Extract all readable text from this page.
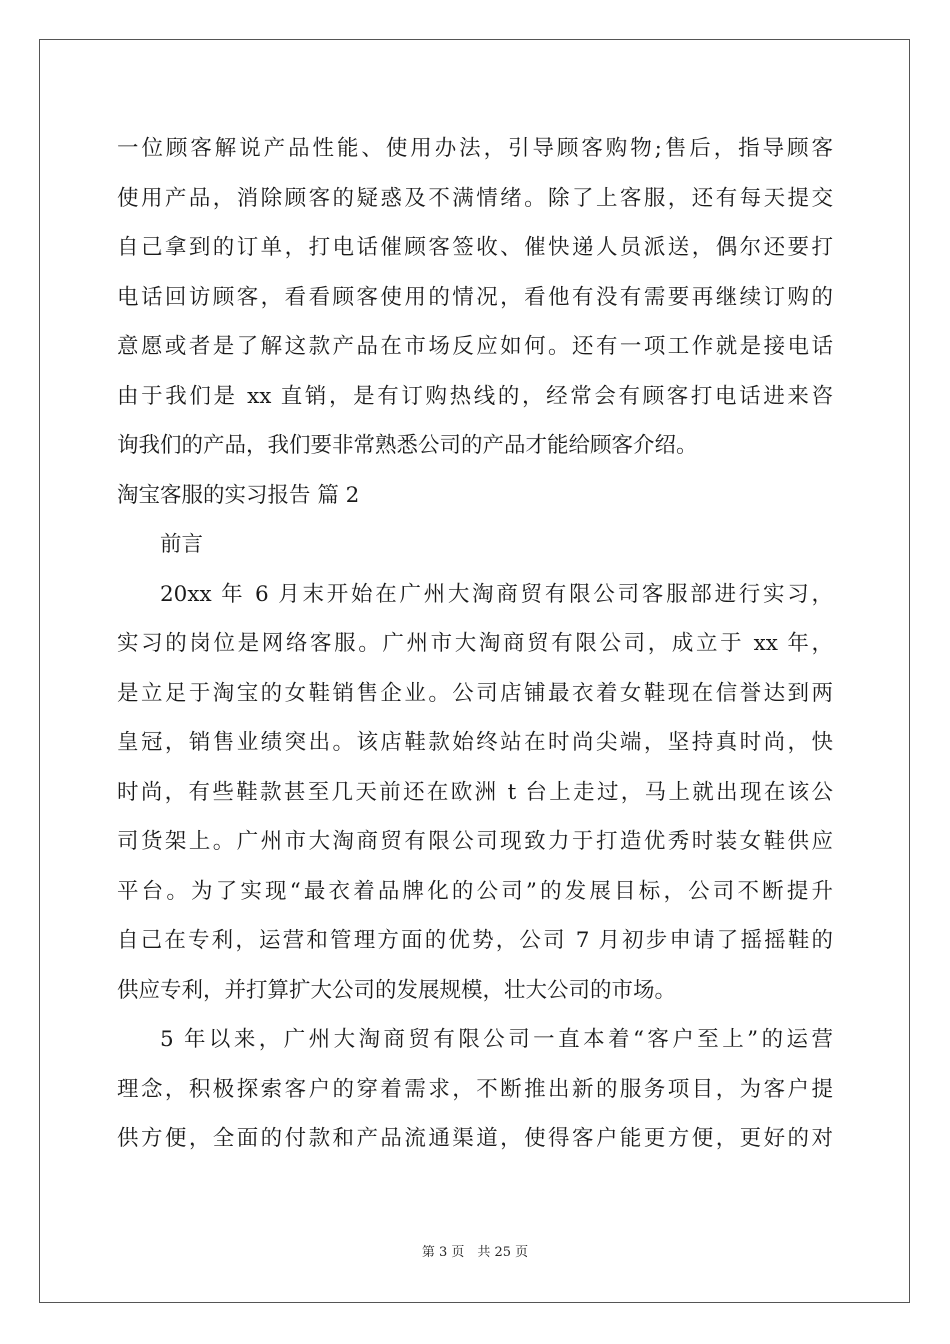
一位顾客解说产品性能、使用办法，引导顾客购物;售后，指导顾客
使用产品，消除顾客的疑惑及不满情绪。除了上客服，还有每天提交
自己拿到的订单，打电话催顾客签收、催快递人员派送，偶尔还要打
电话回访顾客，看看顾客使用的情况，看他有没有需要再继续订购的
意愿或者是了解这款产品在市场反应如何。还有一项工作就是接电话
由于我们是 xx 直销，是有订购热线的，经常会有顾客打电话进来咨
询我们的产品，我们要非常熟悉公司的产品才能给顾客介绍。
淘宝客服的实习报告 篇 2
前言
20xx 年 6 月末开始在广州大淘商贸有限公司客服部进行实习，
实习的岗位是网络客服。广州市大淘商贸有限公司，成立于 xx 年，
是立足于淘宝的女鞋销售企业。公司店铺最衣着女鞋现在信誉达到两
皇冠，销售业绩突出。该店鞋款始终站在时尚尖端，坚持真时尚，快
时尚，有些鞋款甚至几天前还在欧洲 t 台上走过，马上就出现在该公
司货架上。广州市大淘商贸有限公司现致力于打造优秀时装女鞋供应
平台。为了实现“最衣着品牌化的公司”的发展目标，公司不断提升
自己在专利，运营和管理方面的优势，公司 7 月初步申请了摇摇鞋的
供应专利，并打算扩大公司的发展规模，壮大公司的市场。
5 年以来，广州大淘商贸有限公司一直本着“客户至上”的运营
理念，积极探索客户的穿着需求，不断推出新的服务项目，为客户提
供方便，全面的付款和产品流通渠道，使得客户能更方便，更好的对
第 3 页　共 25 页
